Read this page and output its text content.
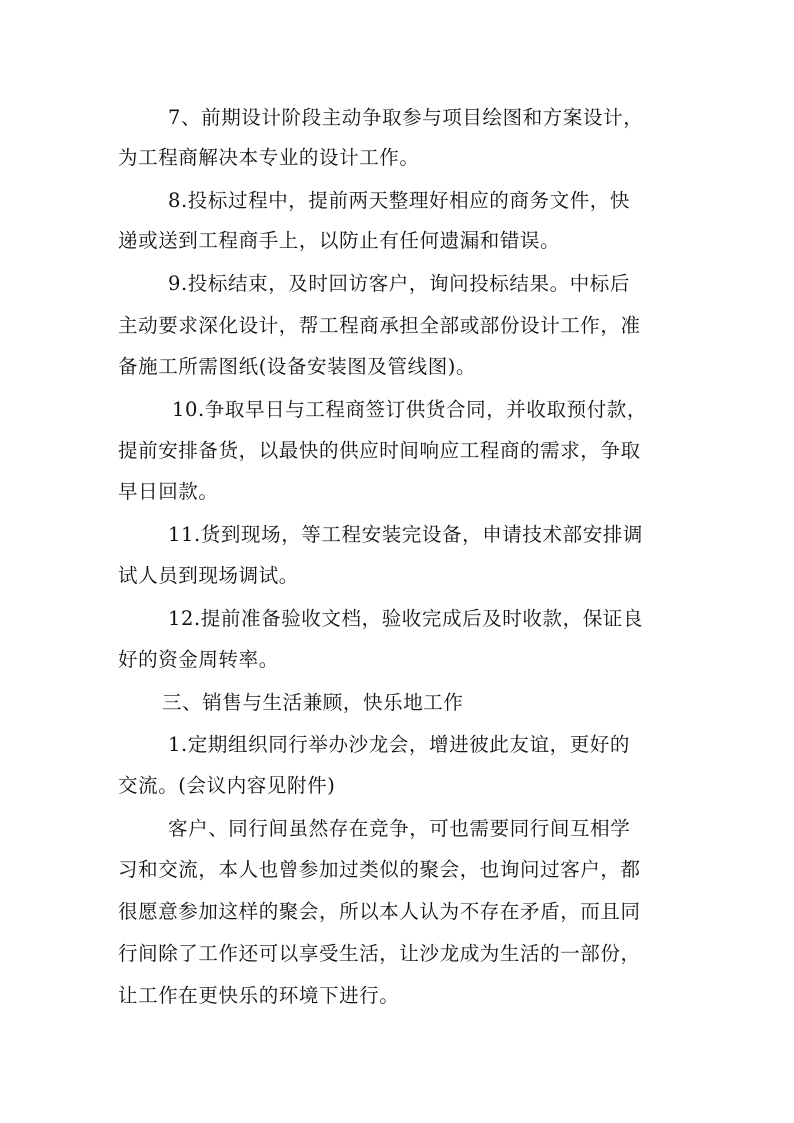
7、前期设计阶段主动争取参与项目绘图和方案设计，
为工程商解决本专业的设计工作。
8.投标过程中，提前两天整理好相应的商务文件，快
递或送到工程商手上，以防止有任何遗漏和错误。
9.投标结束，及时回访客户，询问投标结果。中标后
主动要求深化设计，帮工程商承担全部或部份设计工作，准
备施工所需图纸(设备安装图及管线图)。
10.争取早日与工程商签订供货合同，并收取预付款，
提前安排备货，以最快的供应时间响应工程商的需求，争取
早日回款。
11.货到现场，等工程安装完设备，申请技术部安排调
试人员到现场调试。
12.提前准备验收文档，验收完成后及时收款，保证良
好的资金周转率。
三、销售与生活兼顾，快乐地工作
1.定期组织同行举办沙龙会，增进彼此友谊，更好的
交流。(会议内容见附件)
客户、同行间虽然存在竞争，可也需要同行间互相学
习和交流，本人也曾参加过类似的聚会，也询问过客户，都
很愿意参加这样的聚会，所以本人认为不存在矛盾，而且同
行间除了工作还可以享受生活，让沙龙成为生活的一部份，
让工作在更快乐的环境下进行。
